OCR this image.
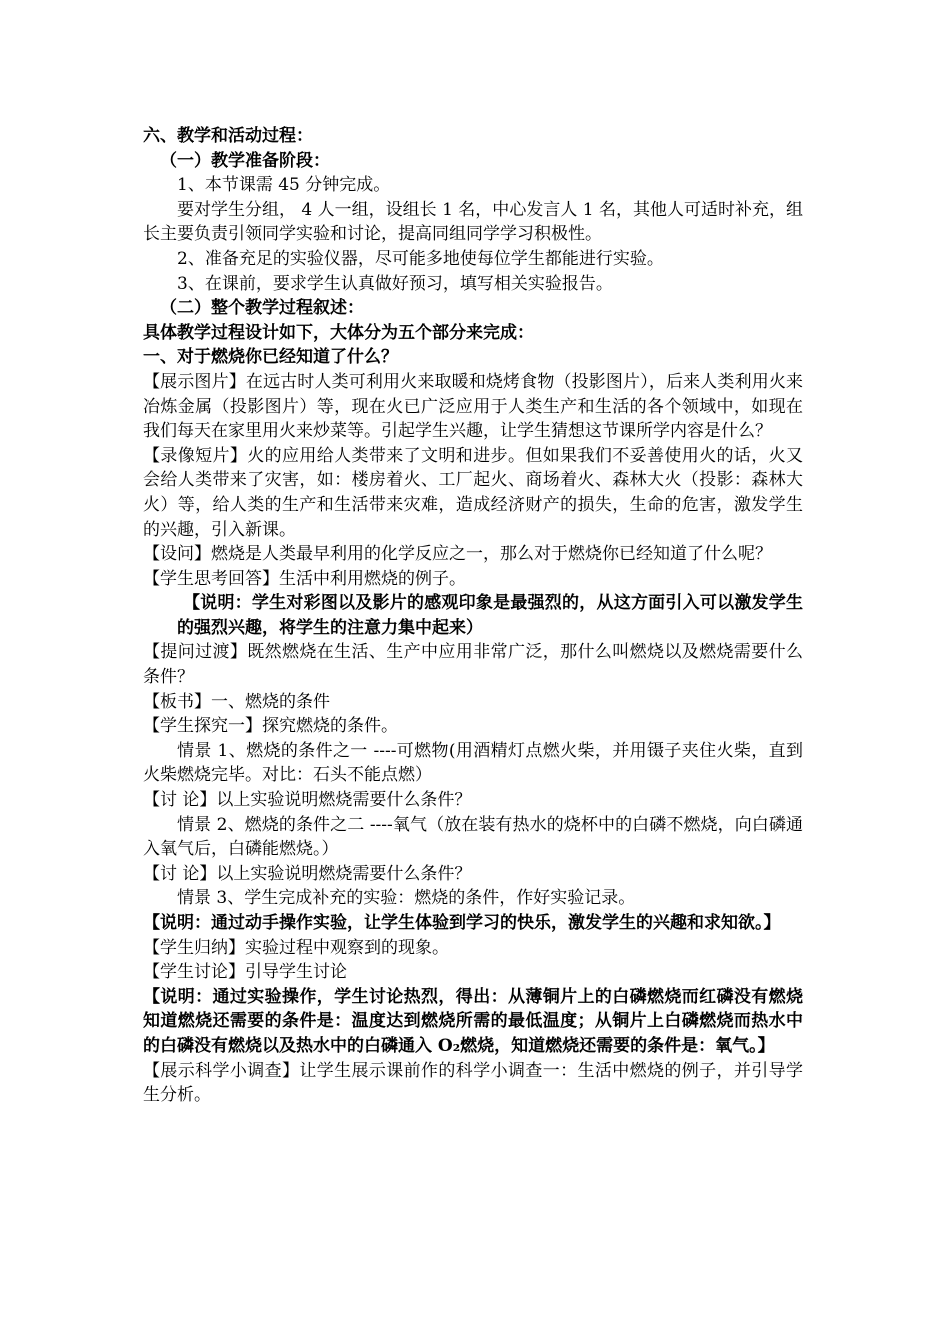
六、教学和活动过程：

（一）教学准备阶段：

1、本节课需 45 分钟完成。

要对学生分组， 4 人一组，设组长 1 名，中心发言人 1 名，其他人可适时补充，组长主要负责引领同学实验和讨论，提高同组同学学习积极性。

2、准备充足的实验仪器，尽可能多地使每位学生都能进行实验。

3、在课前，要求学生认真做好预习，填写相关实验报告。

（二）整个教学过程叙述：

具体教学过程设计如下，大体分为五个部分来完成：

一、对于燃烧你已经知道了什么？

【展示图片】在远古时人类可利用火来取暖和烧烤食物（投影图片），后来人类利用火来冶炼金属（投影图片）等，现在火已广泛应用于人类生产和生活的各个领域中，如现在我们每天在家里用火来炒菜等。引起学生兴趣，让学生猜想这节课所学内容是什么？

【录像短片】火的应用给人类带来了文明和进步。但如果我们不妥善使用火的话，火又会给人类带来了灾害，如：楼房着火、工厂起火、商场着火、森林大火（投影：森林大火）等，给人类的生产和生活带来灾难，造成经济财产的损失，生命的危害，激发学生的兴趣，引入新课。

【设问】燃烧是人类最早利用的化学反应之一，那么对于燃烧你已经知道了什么呢？

【学生思考回答】生活中利用燃烧的例子。

【说明：学生对彩图以及影片的感观印象是最强烈的，从这方面引入可以激发学生的强烈兴趣，将学生的注意力集中起来）

【提问过渡】既然燃烧在生活、生产中应用非常广泛，那什么叫燃烧以及燃烧需要什么条件？

【板书】一、燃烧的条件

【学生探究一】探究燃烧的条件。

情景 1、燃烧的条件之一 ----可燃物(用酒精灯点燃火柴，并用镊子夹住火柴，直到火柴燃烧完毕。对比：石头不能点燃）

【讨 论】以上实验说明燃烧需要什么条件？

情景 2、燃烧的条件之二 ----氧气（放在装有热水的烧杯中的白磷不燃烧，向白磷通入氧气后，白磷能燃烧。）

【讨 论】以上实验说明燃烧需要什么条件？

情景 3、学生完成补充的实验：燃烧的条件，作好实验记录。

【说明：通过动手操作实验，让学生体验到学习的快乐，激发学生的兴趣和求知欲。】

【学生归纳】实验过程中观察到的现象。

【学生讨论】引导学生讨论

【说明：通过实验操作，学生讨论热烈，得出：从薄铜片上的白磷燃烧而红磷没有燃烧知道燃烧还需要的条件是：温度达到燃烧所需的最低温度；从铜片上白磷燃烧而热水中的白磷没有燃烧以及热水中的白磷通入 O₂燃烧，知道燃烧还需要的条件是：氧气。】

【展示科学小调查】让学生展示课前作的科学小调查一：生活中燃烧的例子，并引导学生分析。
